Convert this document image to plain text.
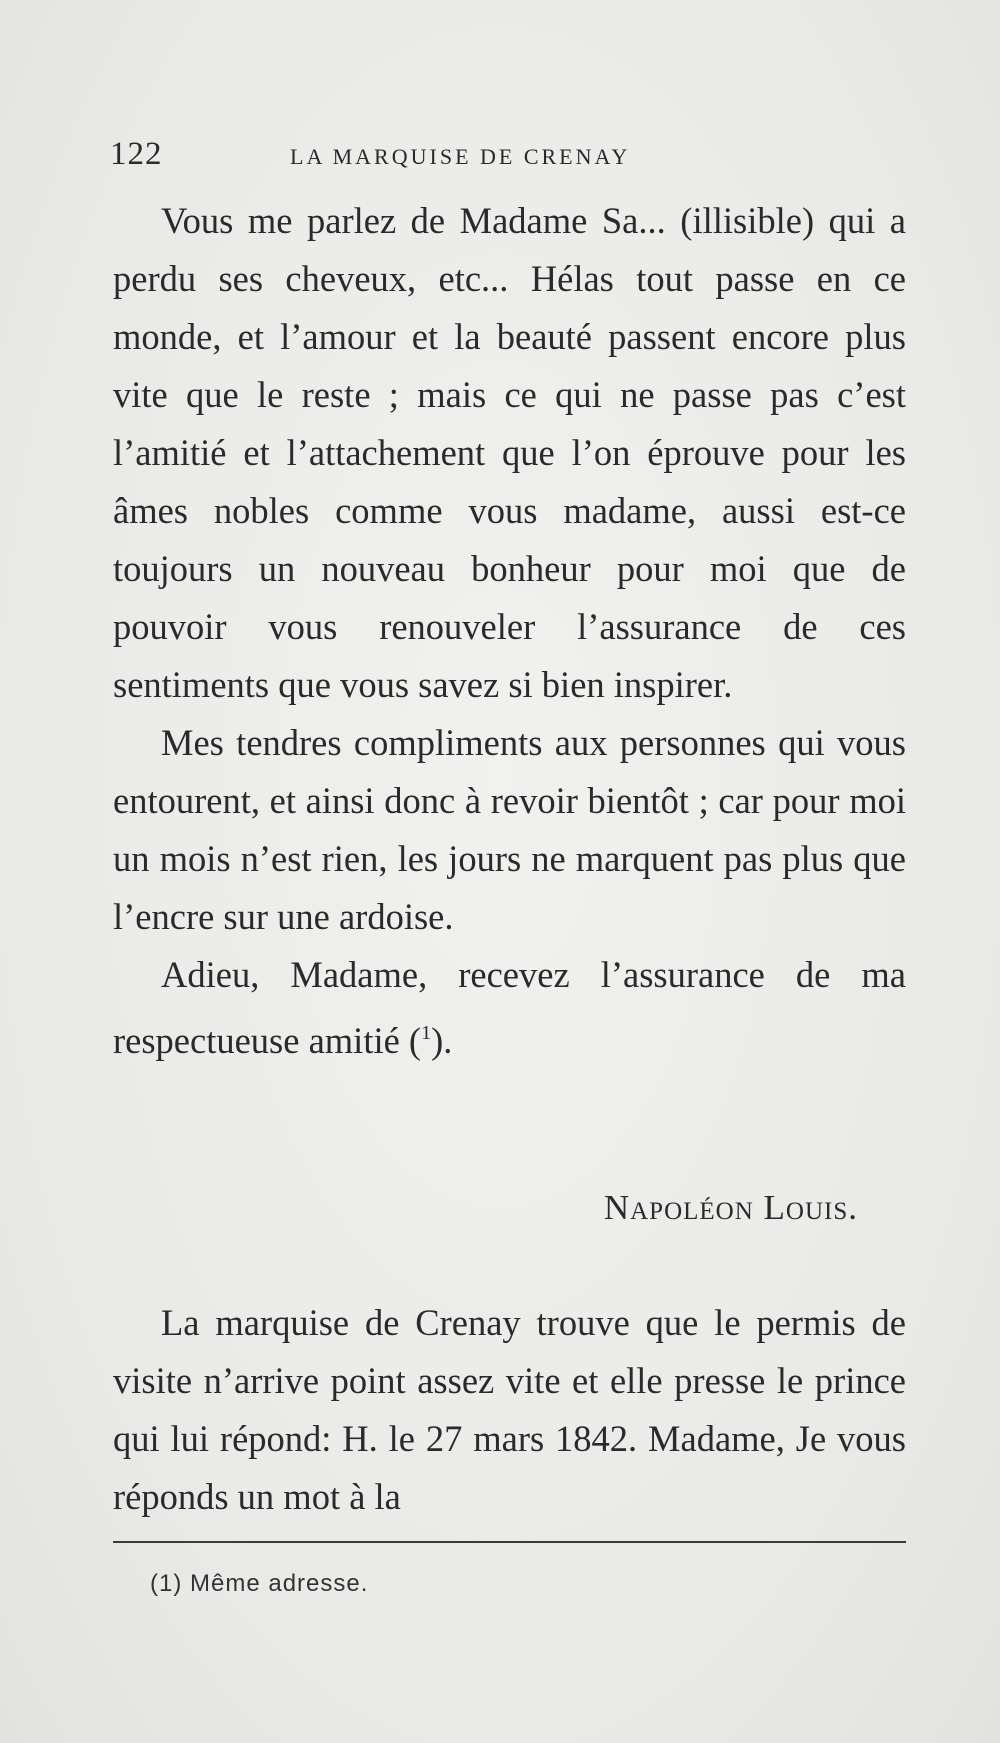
122	LA MARQUISE DE CRENAY

Vous me parlez de Madame Sa... (illisible) qui a perdu ses cheveux, etc... Hélas tout passe en ce monde, et l’amour et la beauté passent encore plus vite que le reste ; mais ce qui ne passe pas c’est l’amitié et l’attachement que l’on éprouve pour les âmes nobles comme vous madame, aussi est-ce toujours un nouveau bonheur pour moi que de pouvoir vous renouveler l’assurance de ces sentiments que vous savez si bien inspirer.

Mes tendres compliments aux personnes qui vous entourent, et ainsi donc à revoir bientôt ; car pour moi un mois n’est rien, les jours ne marquent pas plus que l’encre sur une ardoise.

Adieu, Madame, recevez l’assurance de ma respectueuse amitié ($^1$).

Napoléon Louis.

La marquise de Crenay trouve que le permis de visite n’arrive point assez vite et elle presse le prince qui lui répond: H. le 27 mars 1842. Madame, Je vous réponds un mot à la

(1) Même adresse.
